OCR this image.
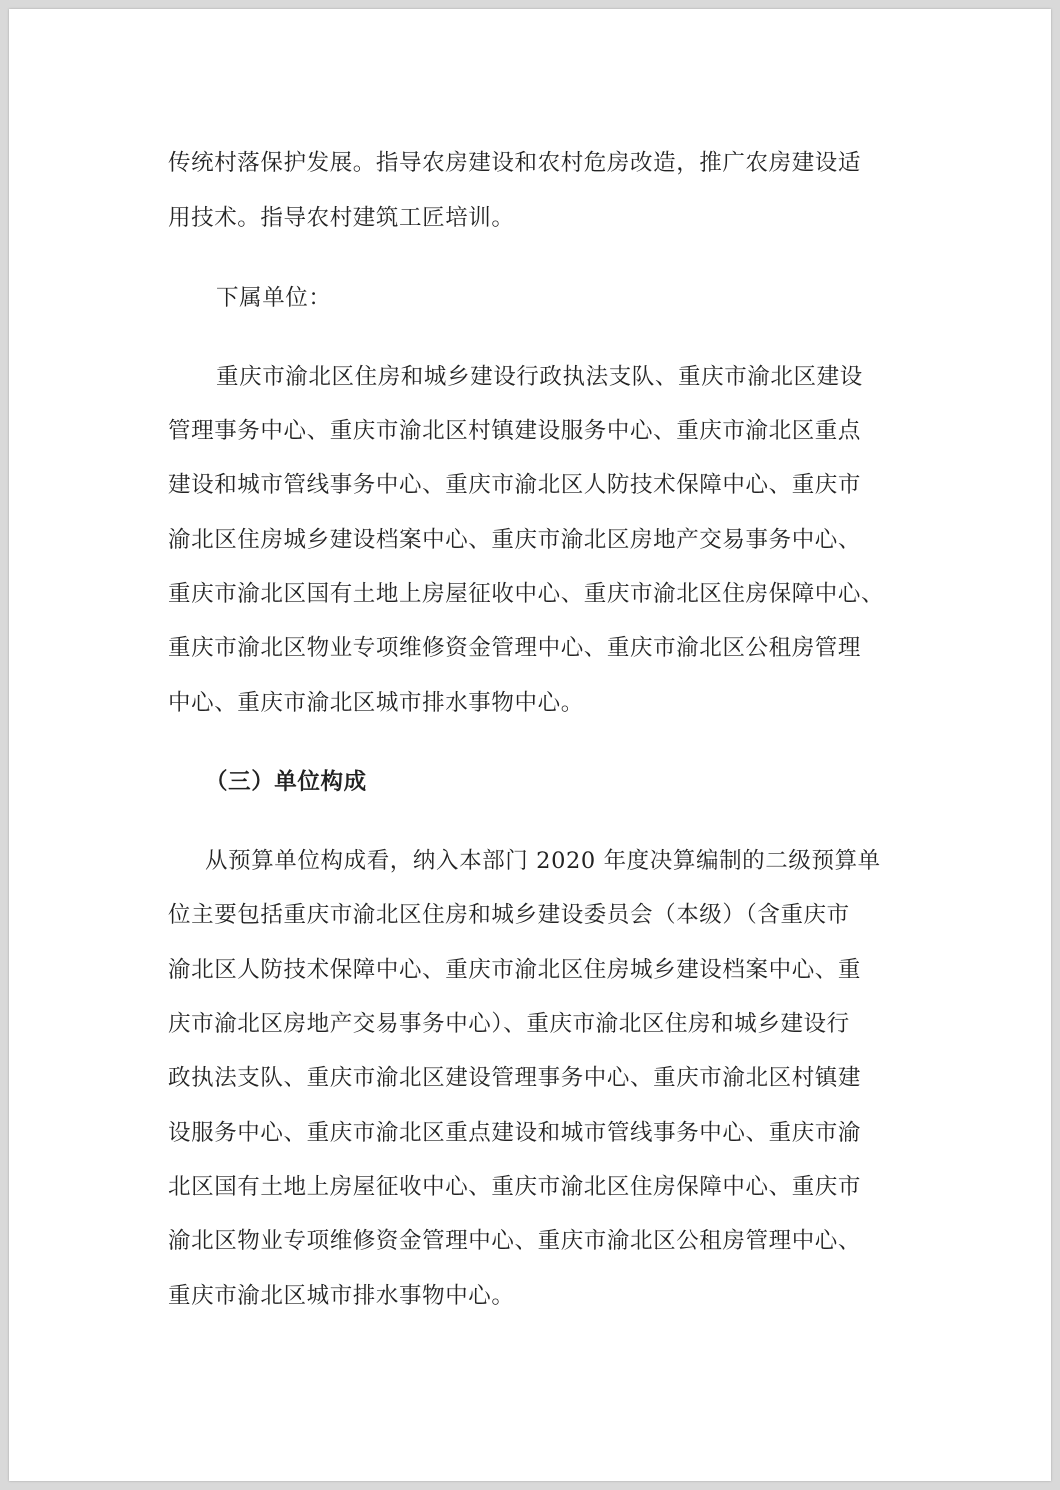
传统村落保护发展。指导农房建设和农村危房改造，推广农房建设适
用技术。指导农村建筑工匠培训。
下属单位：
重庆市渝北区住房和城乡建设行政执法支队、重庆市渝北区建设
管理事务中心、重庆市渝北区村镇建设服务中心、重庆市渝北区重点
建设和城市管线事务中心、重庆市渝北区人防技术保障中心、重庆市
渝北区住房城乡建设档案中心、重庆市渝北区房地产交易事务中心、
重庆市渝北区国有土地上房屋征收中心、重庆市渝北区住房保障中心、
重庆市渝北区物业专项维修资金管理中心、重庆市渝北区公租房管理
中心、重庆市渝北区城市排水事物中心。
（三）单位构成
从预算单位构成看，纳入本部门 2020 年度决算编制的二级预算单
位主要包括重庆市渝北区住房和城乡建设委员会（本级）（含重庆市
渝北区人防技术保障中心、重庆市渝北区住房城乡建设档案中心、重
庆市渝北区房地产交易事务中心）、重庆市渝北区住房和城乡建设行
政执法支队、重庆市渝北区建设管理事务中心、重庆市渝北区村镇建
设服务中心、重庆市渝北区重点建设和城市管线事务中心、重庆市渝
北区国有土地上房屋征收中心、重庆市渝北区住房保障中心、重庆市
渝北区物业专项维修资金管理中心、重庆市渝北区公租房管理中心、
重庆市渝北区城市排水事物中心。
